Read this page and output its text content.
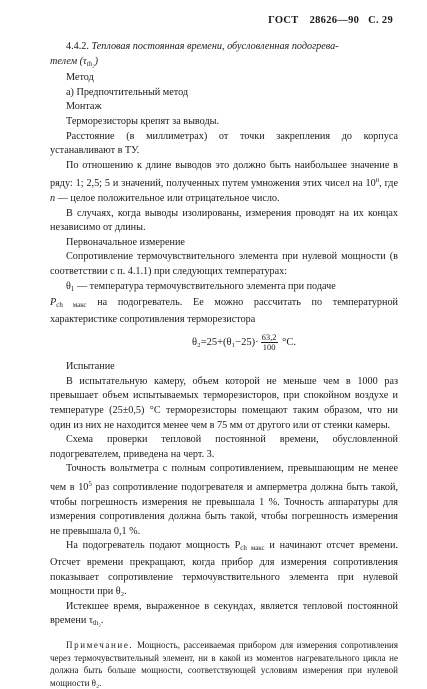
ГОСТ 28626—90 С. 29

4.4.2. Тепловая постоянная времени, обусловленная подогрева-

телем $(\tau_{th_2})$

Метод

а) Предпочтительный метод

Монтаж

Терморезисторы крепят за выводы.

Расстояние (в миллиметрах) от точки закрепления до корпуса устанавливают в ТУ.

По отношению к длине выводов это должно быть наибольшее значение в ряду: 1; 2,5; 5 и значений, полученных путем умножения этих чисел на 10$^n$, где n — целое положительное или отрицательное число.

В случаях, когда выводы изолированы, измерения проводят на их концах независимо от длины.

Первоначальное измерение

Сопротивление термочувствительного элемента при нулевой мощности (в соответствии с п. 4.1.1) при следующих температурах:

$\theta_1$ — температура термочувствительного элемента при подаче

$P_{ch макс}$ на подогреватель. Ее можно рассчитать по температурной характеристике сопротивления терморезистора

$\theta_2=25+(\theta_1-25)\cdot \frac{63,2}{100} ^\circ C$.

Испытание

В испытательную камеру, объем которой не меньше чем в 1000 раз превышает объем испытываемых терморезисторов, при спокойном воздухе и температуре (25±0,5) °C терморезисторы помещают таким образом, что ни один из них не находится менее чем в 75 мм от другого или от стенки камеры.

Схема проверки тепловой постоянной времени, обусловленной подогревателем, приведена на черт. 3.

Точность вольтметра с полным сопротивлением, превышающим не менее чем в $10^5$ раз сопротивление подогревателя и амперметра должна быть такой, чтобы погрешность измерения не превышала 1 %. Точность аппаратуры для измерения сопротивления должна быть такой, чтобы погрешность измерения не превышала 0,1 %.

На подогреватель подают мощность $P_{ch макс}$ и начинают отсчет времени. Отсчет времени прекращают, когда прибор для измерения сопротивления показывает сопротивление термочувствительного элемента при нулевой мощности при θ₂.

Истекшее время, выраженное в секундах, является тепловой постоянной времени $\tau_{th_2}$.

Примечание. Мощность, рассеиваемая прибором для измерения сопротивления через термочувствительный элемент, ни в какой из моментов нагревательного цикла не должна быть больше мощности, соответствующей условиям измерения при нулевой мощности θ₂.
